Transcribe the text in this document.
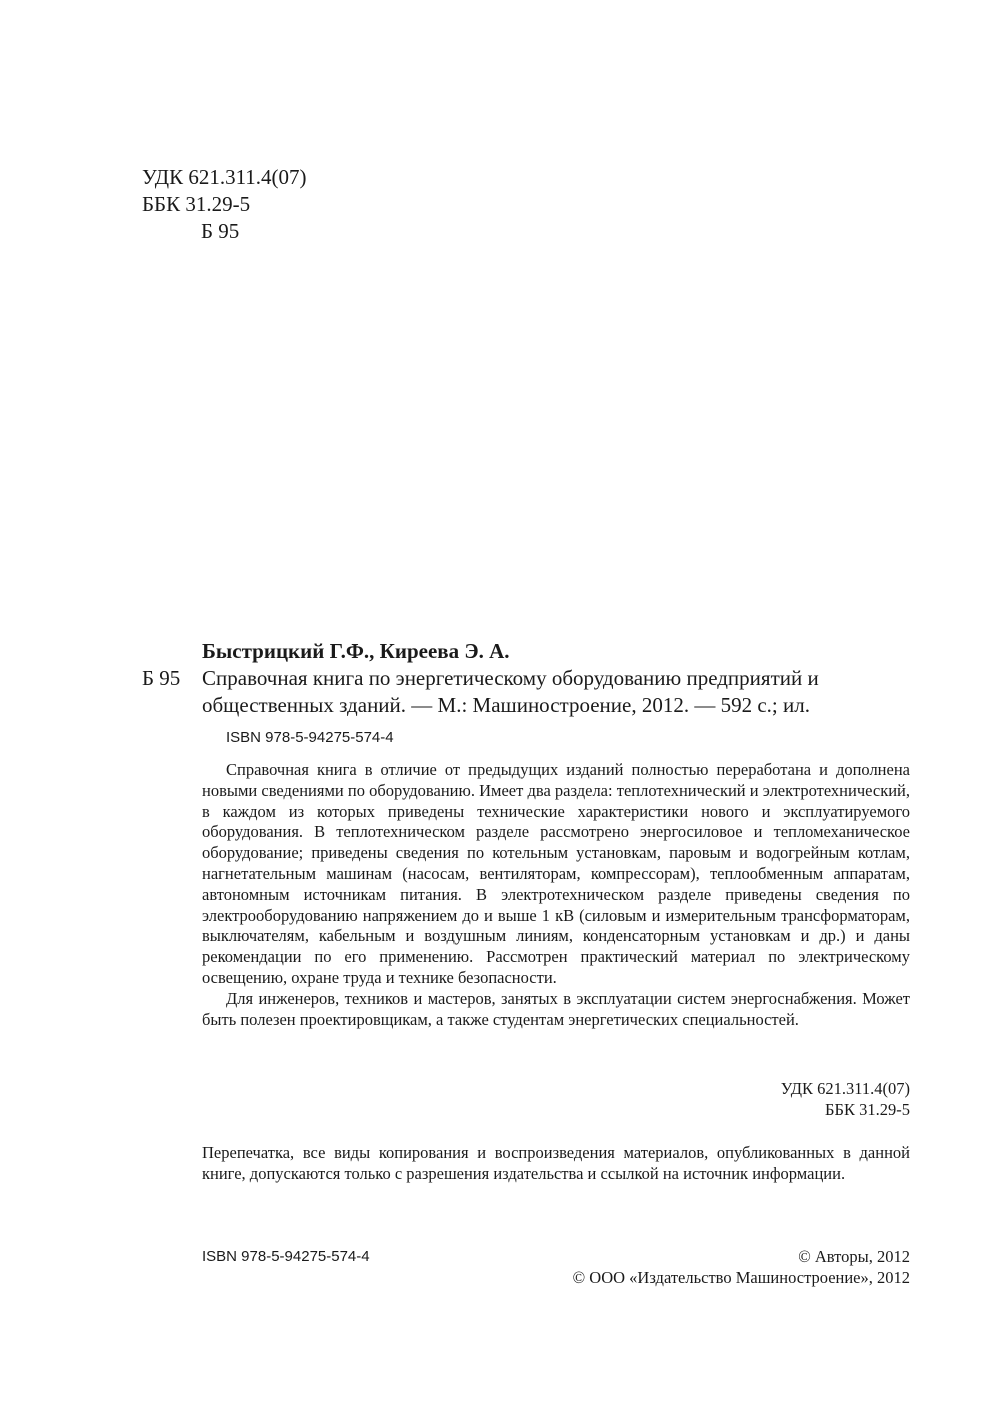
УДК 621.311.4(07)
ББК 31.29-5
Б 95
Быстрицкий Г.Ф., Киреева Э. А.
Б 95	Справочная книга по энергетическому оборудованию предприятий и
общественных зданий. — М.: Машиностроение, 2012. — 592 с.; ил.
ISBN 978-5-94275-574-4

Справочная книга в отличие от предыдущих изданий полностью переработана и дополнена новыми сведениями по оборудованию. Имеет два раздела: теплотехнический и электротехнический, в каждом из которых приведены технические характеристики нового и эксплуатируемого оборудования. В теплотехническом разделе рассмотрено энергосиловое и тепломеханическое оборудование; приведены сведения по котельным установкам, паровым и водогрейным котлам, нагнетательным машинам (насосам, вентиляторам, компрессорам), теплообменным аппаратам, автономным источникам питания. В электротехническом разделе приведены сведения по электрооборудованию напряжением до и выше 1 кВ (силовым и измерительным трансформаторам, выключателям, кабельным и воздушным линиям, конденсаторным установкам и др.) и даны рекомендации по его применению. Рассмотрен практический материал по электрическому освещению, охране труда и технике безопасности.

Для инженеров, техников и мастеров, занятых в эксплуатации систем энергоснабжения. Может быть полезен проектировщикам, а также студентам энергетических специальностей.

УДК 621.311.4(07)
ББК 31.29-5

Перепечатка, все виды копирования и воспроизведения материалов, опубликованных в данной книге, допускаются только с разрешения издательства и ссылкой на источник информации.

ISBN 978-5-94275-574-4	© Авторы, 2012
© ООО «Издательство Машиностроение», 2012
